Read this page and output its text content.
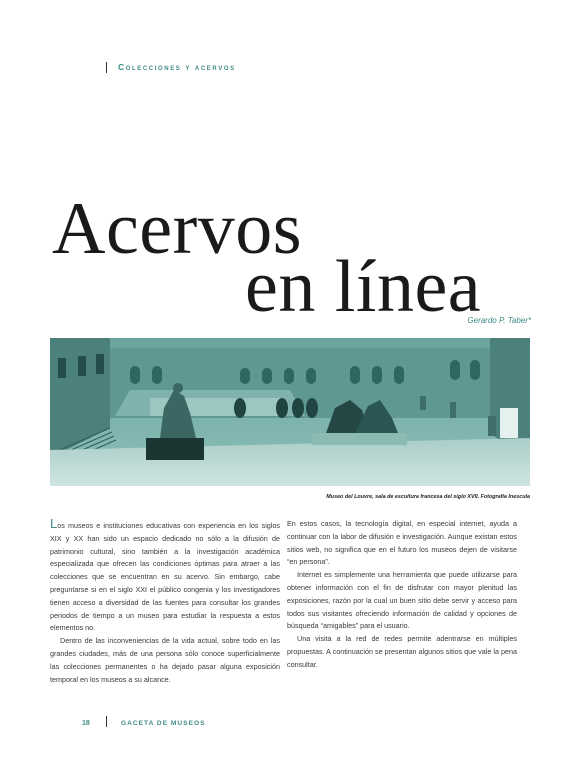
Colecciones y acervos
Acervos
en línea
Gerardo P. Taber*
Museo del Louvre, sala de escultura francesa del siglo XVII. Fotografía Inescula

Los museos e instituciones educativas con experiencia en los siglos XIX y XX han sido un espacio dedicado no sólo a la difusión de patrimonio cultural, sino también a la investigación académica especializada que ofrecen las condiciones óptimas para atraer a las colecciones que se encuentran en su acervo. Sin embargo, cabe preguntarse si en el siglo XXI el público congenia y los investigadores tienen acceso a diversidad de las fuentes para consultar los grandes periodos de tiempo a un museo para estudiar la respuesta a estos elementos no.

Dentro de las inconveniencias de la vida actual, sobre todo en las grandes ciudades, más de una persona sólo conoce superficialmente las colecciones permanentes o ha dejado pasar alguna exposición temporal en los museos a su alcance.

En estos casos, la tecnología digital, en especial internet, ayuda a continuar con la labor de difusión e investigación. Aunque existan estos sitios web, no significa que en el futuro los museos dejen de visitarse “en persona”.

Internet es simplemente una herramienta que puede utilizarse para obtener información con el fin de disfrutar con mayor plenitud las exposiciones, razón por la cual un buen sitio debe servir y acceso para todos sus visitantes ofreciendo información de calidad y opciones de búsqueda “amigables” para el usuario.

Una visita a la red de redes permite adentrarse en múltiples propuestas. A continuación se presentan algunos sitios que vale la pena consultar.

18	GACETA DE MUSEOS
